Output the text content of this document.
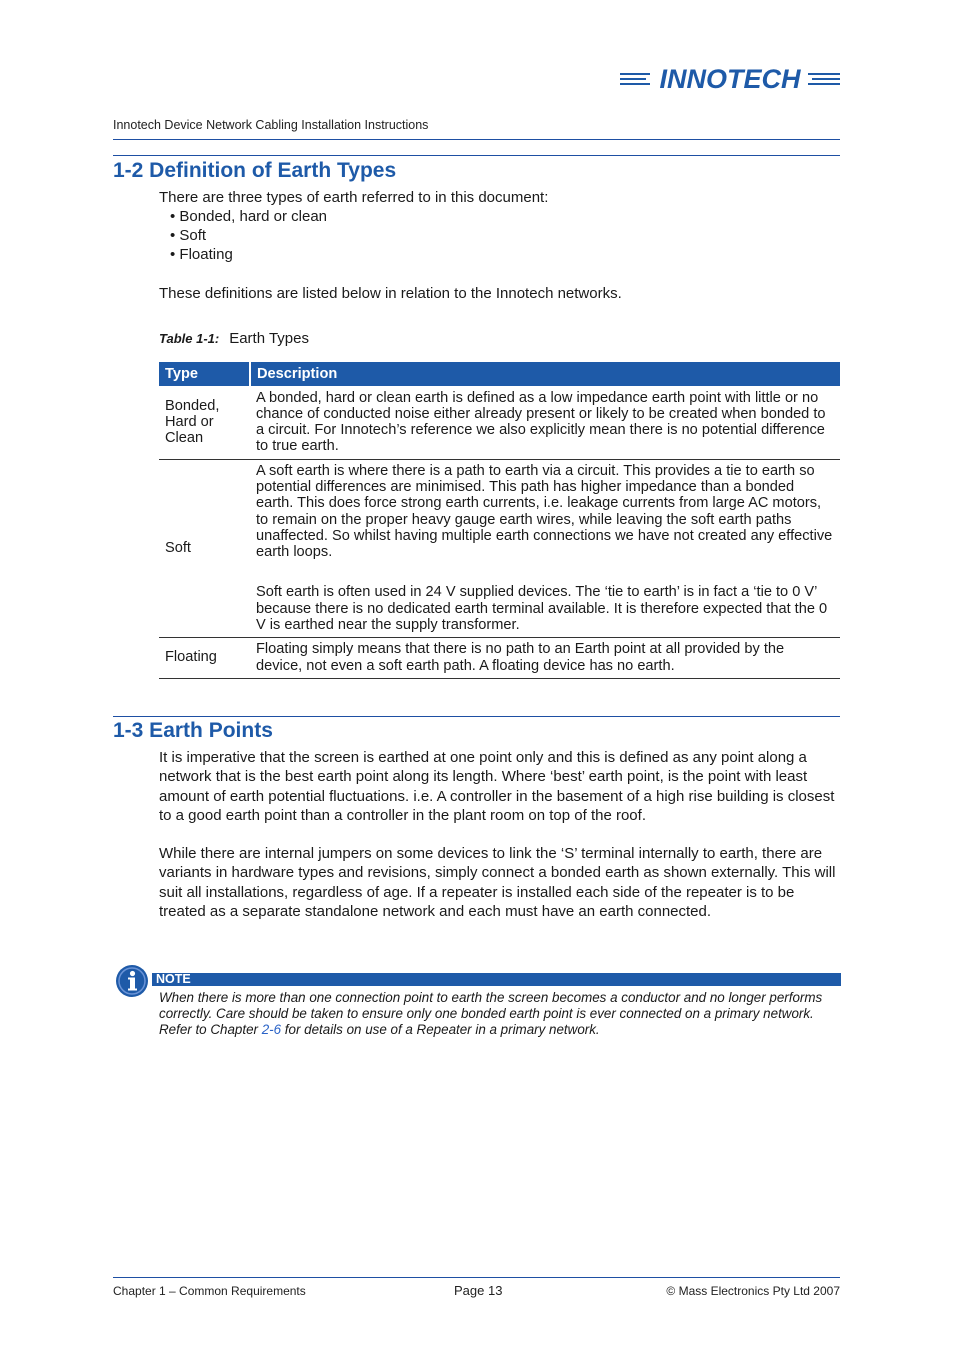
INNOTECH
Innotech Device Network Cabling Installation Instructions
1-2 Definition of Earth Types
There are three types of earth referred to in this document:
• Bonded, hard or clean
• Soft
• Floating
These definitions are listed below in relation to the Innotech networks.
Table 1-1: Earth Types
Type	Description
Bonded, Hard or Clean	A bonded, hard or clean earth is defined as a low impedance earth point with little or no chance of conducted noise either already present or likely to be created when bonded to a circuit. For Innotech’s reference we also explicitly mean there is no potential difference to true earth.

Soft	A soft earth is where there is a path to earth via a circuit. This provides a tie to earth so potential differences are minimised. This path has higher impedance than a bonded earth. This does force strong earth currents, i.e. leakage currents from large AC motors, to remain on the proper heavy gauge earth wires, while leaving the soft earth paths unaffected. So whilst having multiple earth connections we have not created any effective earth loops.

Soft earth is often used in 24 V supplied devices. The ‘tie to earth’ is in fact a ‘tie to 0 V’ because there is no dedicated earth terminal available. It is therefore expected that the 0 V is earthed near the supply transformer.

Floating	Floating simply means that there is no path to an Earth point at all provided by the device, not even a soft earth path. A floating device has no earth.

1-3 Earth Points
It is imperative that the screen is earthed at one point only and this is defined as any point along a network that is the best earth point along its length. Where ‘best’ earth point, is the point with least amount of earth potential fluctuations. i.e. A controller in the basement of a high rise building is closest to a good earth point than a controller in the plant room on top of the roof.
While there are internal jumpers on some devices to link the ‘S’ terminal internally to earth, there are variants in hardware types and revisions, simply connect a bonded earth as shown externally. This will suit all installations, regardless of age. If a repeater is installed each side of the repeater is to be treated as a separate standalone network and each must have an earth connected.
NOTE
When there is more than one connection point to earth the screen becomes a conductor and no longer performs correctly. Care should be taken to ensure only one bonded earth point is ever connected on a primary network. Refer to Chapter 2-6 for details on use of a Repeater in a primary network.
Chapter 1 – Common Requirements	Page 13	© Mass Electronics Pty Ltd 2007
